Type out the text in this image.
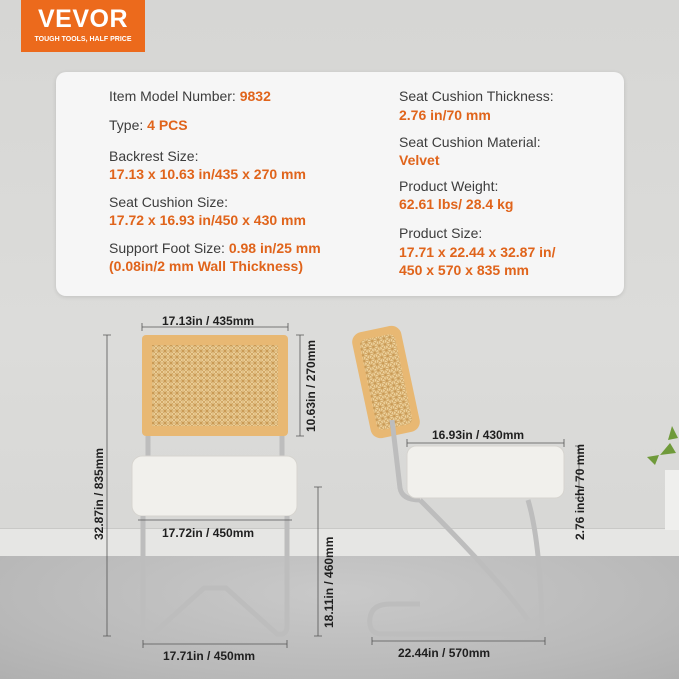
VEVOR
TOUGH TOOLS, HALF PRICE
Item Model Number: 9832
Type: 4 PCS
Backrest Size:
17.13 x 10.63 in/435 x 270 mm
Seat Cushion Size:
17.72 x 16.93 in/450 x 430 mm
Support Foot Size: 0.98 in/25 mm
(0.08in/2 mm Wall Thickness)
Seat Cushion Thickness:
2.76 in/70 mm
Seat Cushion Material:
Velvet
Product Weight:
62.61 lbs/ 28.4 kg
Product Size:
17.71 x 22.44 x 32.87 in/
450 x 570 x 835 mm
17.13in / 435mm
10.63in / 270mm
32.87in / 835mm	17.72in / 450mm
18.11in / 460mm
17.71in / 450mm
16.93in / 430mm
2.76 inch/ 70 mm
22.44in / 570mm
